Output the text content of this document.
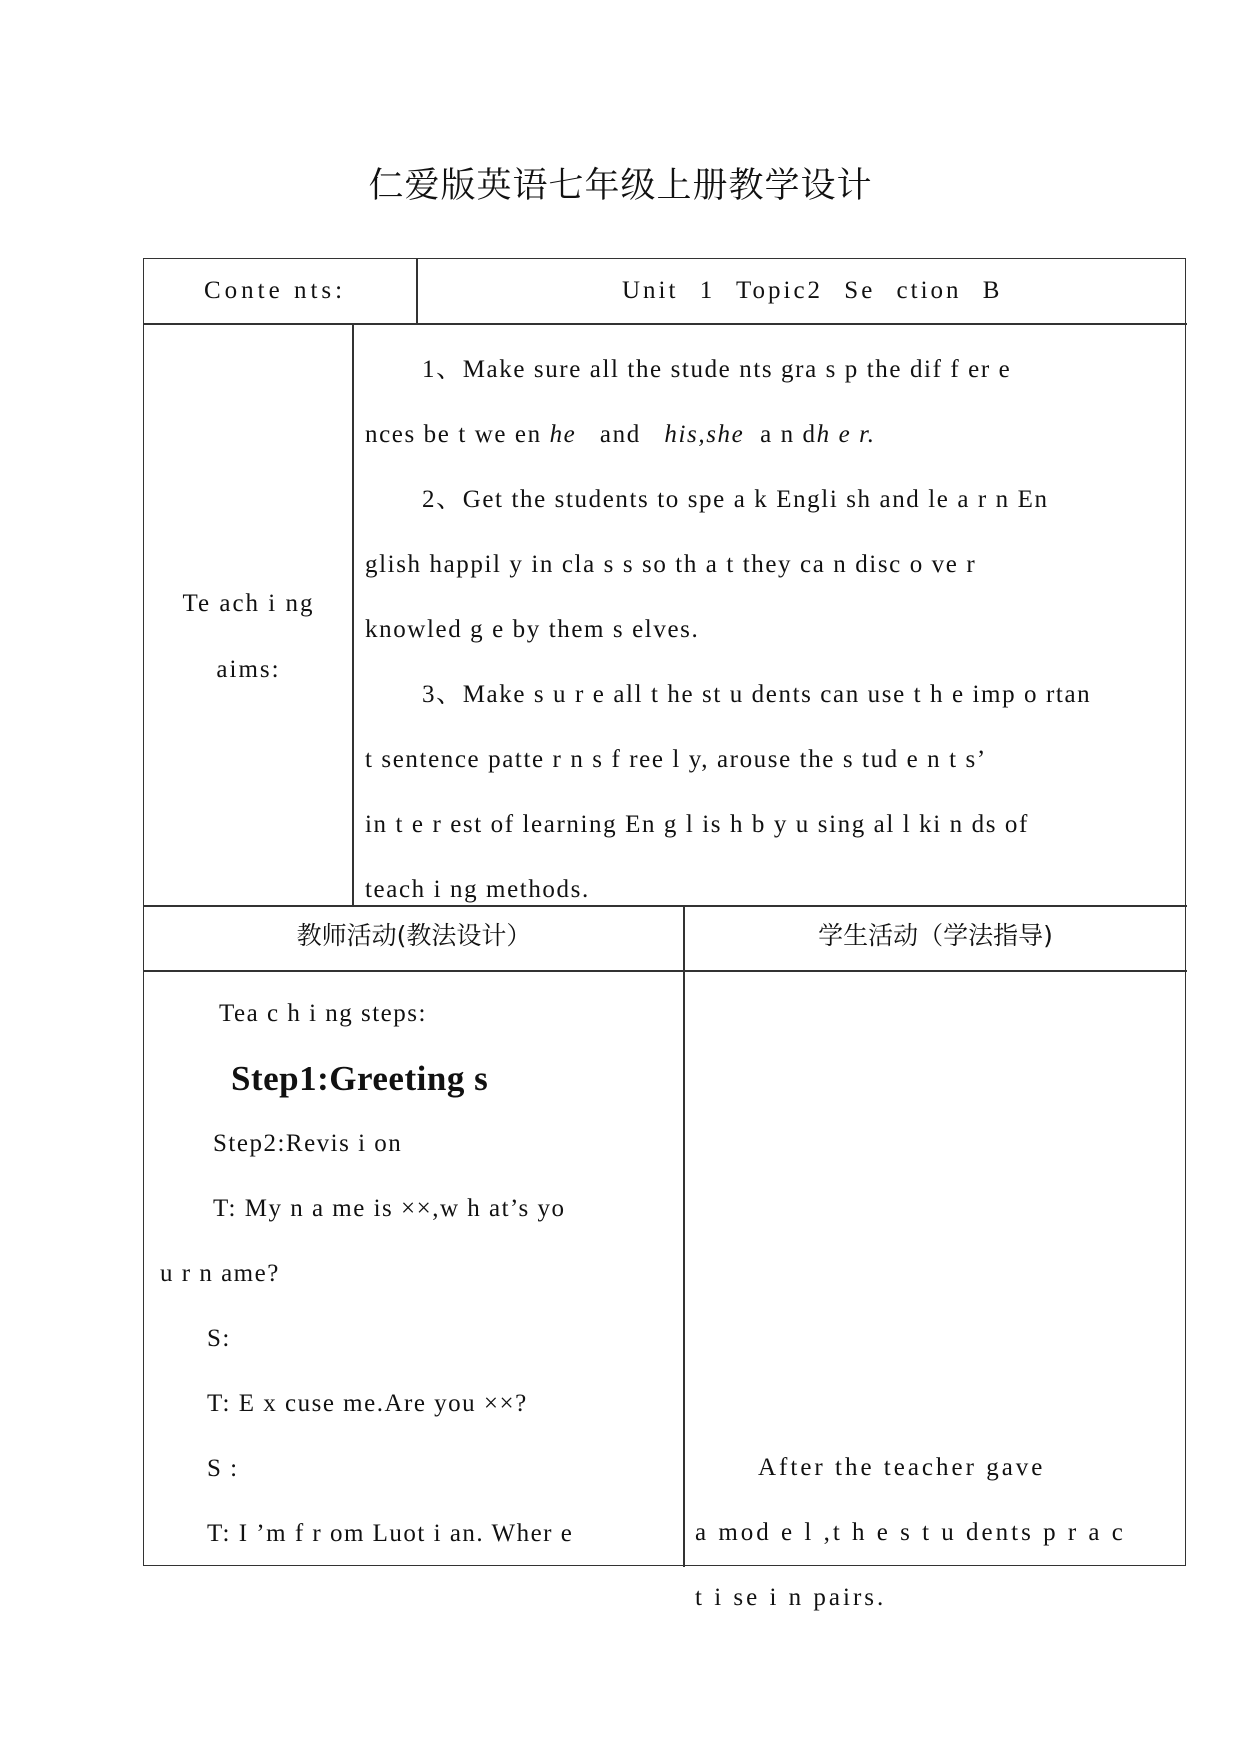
仁爱版英语七年级上册教学设计
Conte nts:	Unit 1 Topic2 Se ction B
Te ach i ng
aims:
1、Make sure all the stude nts gra s p the dif f er e
nces be t we en he and his,she a n dh e r.
2、Get the students to spe a k Engli sh and le a r n En
glish happil y in cla s s so th a t they ca n disc o ve r
knowled g e by them s elves.
3、Make s u r e all t he st u dents can use t h e imp o rtan
t sentence patte r n s f ree l y, arouse the s tud e n t s’
in t e r est of learning En g l is h b y u sing al l ki n ds of
teach i ng methods.
教师活动(教法设计）	学生活动（学法指导)
Tea c h i ng steps:
Step1:Greeting s
Step2:Revis i on
T: My n a me is ××,w h at’s yo
u r n ame?
S:
T: E x cuse me.Are you ××?
S :
T: I ’m f r om Luot i an. Wher e
After the teacher gave
a mod e l ,t h e s t u dents p r a c
t i se i n pairs.
